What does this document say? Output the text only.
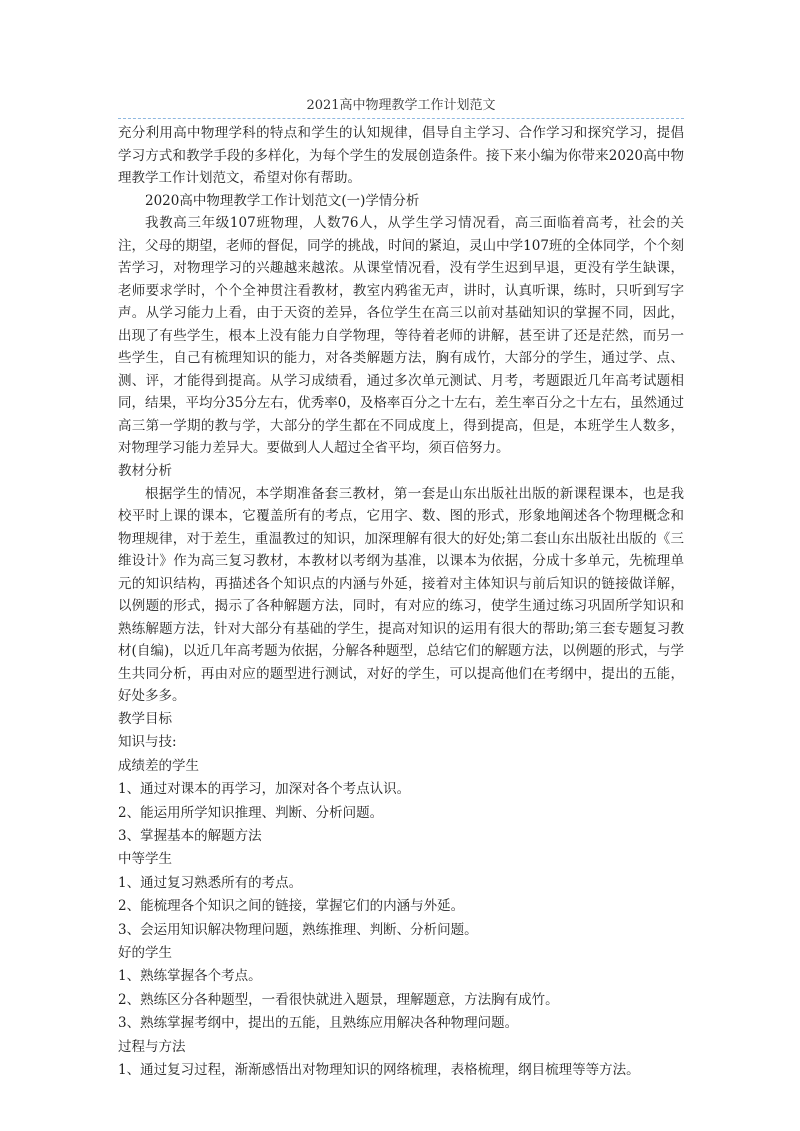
2021高中物理教学工作计划范文

充分利用高中物理学科的特点和学生的认知规律，倡导自主学习、合作学习和探究学习，提倡学习方式和教学手段的多样化，为每个学生的发展创造条件。接下来小编为你带来2020高中物理教学工作计划范文，希望对你有帮助。

2020高中物理教学工作计划范文(一)学情分析

我教高三年级107班物理，人数76人，从学生学习情况看，高三面临着高考，社会的关注，父母的期望，老师的督促，同学的挑战，时间的紧迫，灵山中学107班的全体同学，个个刻苦学习，对物理学习的兴趣越来越浓。从课堂情况看，没有学生迟到早退，更没有学生缺课，老师要求学时，个个全神贯注看教材，教室内鸦雀无声，讲时，认真听课，练时，只听到写字声。从学习能力上看，由于天资的差异，各位学生在高三以前对基础知识的掌握不同，因此，出现了有些学生，根本上没有能力自学物理，等待着老师的讲解，甚至讲了还是茫然，而另一些学生，自己有梳理知识的能力，对各类解题方法，胸有成竹，大部分的学生，通过学、点、测、评，才能得到提高。从学习成绩看，通过多次单元测试、月考，考题跟近几年高考试题相同，结果，平均分35分左右，优秀率0，及格率百分之十左右，差生率百分之十左右，虽然通过高三第一学期的教与学，大部分的学生都在不同成度上，得到提高，但是，本班学生人数多，对物理学习能力差异大。要做到人人超过全省平均，须百倍努力。

教材分析

根据学生的情况，本学期准备套三教材，第一套是山东出版社出版的新课程课本，也是我校平时上课的课本，它覆盖所有的考点，它用字、数、图的形式，形象地阐述各个物理概念和物理规律，对于差生，重温教过的知识，加深理解有很大的好处;第二套山东出版社出版的《三维设计》作为高三复习教材，本教材以考纲为基准，以课本为依据，分成十多单元，先梳理单元的知识结构，再描述各个知识点的内涵与外延，接着对主体知识与前后知识的链接做详解，以例题的形式，揭示了各种解题方法，同时，有对应的练习，使学生通过练习巩固所学知识和熟练解题方法，针对大部分有基础的学生，提高对知识的运用有很大的帮助;第三套专题复习教材(自编)，以近几年高考题为依据，分解各种题型，总结它们的解题方法，以例题的形式，与学生共同分析，再由对应的题型进行测试，对好的学生，可以提高他们在考纲中，提出的五能，好处多多。

教学目标

知识与技:

成绩差的学生

1、通过对课本的再学习，加深对各个考点认识。

2、能运用所学知识推理、判断、分析问题。

3、掌握基本的解题方法

中等学生

1、通过复习熟悉所有的考点。

2、能梳理各个知识之间的链接，掌握它们的内涵与外延。

3、会运用知识解决物理问题，熟练推理、判断、分析问题。

好的学生

1、熟练掌握各个考点。

2、熟练区分各种题型，一看很快就进入题景，理解题意，方法胸有成竹。

3、熟练掌握考纲中，提出的五能，且熟练应用解决各种物理问题。

过程与方法

1、通过复习过程，渐渐感悟出对物理知识的网络梳理，表格梳理，纲目梳理等等方法。
